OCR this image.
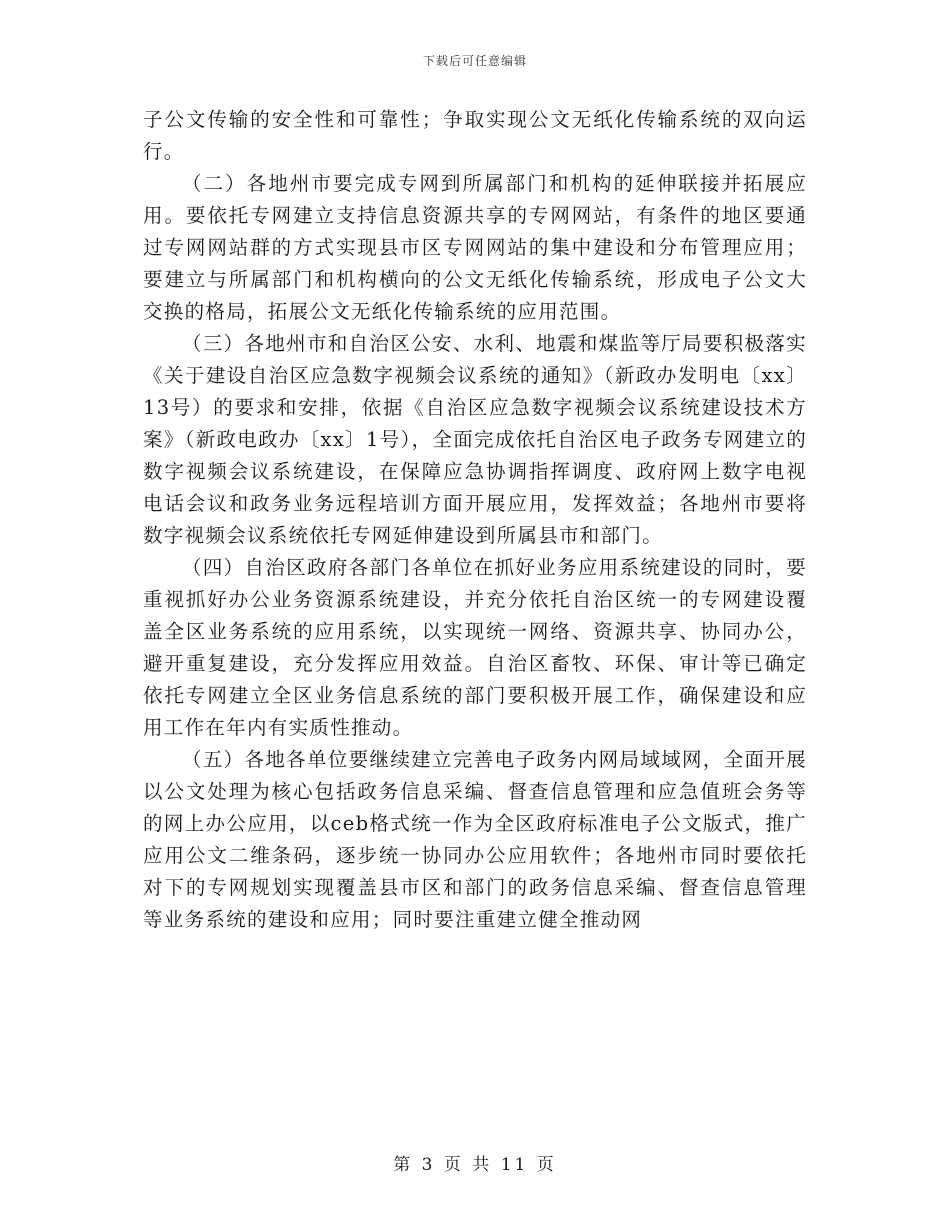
下载后可任意编辑

子公文传输的安全性和可靠性；争取实现公文无纸化传输系统的双向运行。

（二）各地州市要完成专网到所属部门和机构的延伸联接并拓展应用。要依托专网建立支持信息资源共享的专网网站，有条件的地区要通过专网网站群的方式实现县市区专网网站的集中建设和分布管理应用；要建立与所属部门和机构横向的公文无纸化传输系统，形成电子公文大交换的格局，拓展公文无纸化传输系统的应用范围。

（三）各地州市和自治区公安、水利、地震和煤监等厅局要积极落实《关于建设自治区应急数字视频会议系统的通知》（新政办发明电〔xx〕13号）的要求和安排，依据《自治区应急数字视频会议系统建设技术方案》（新政电政办〔xx〕1号），全面完成依托自治区电子政务专网建立的数字视频会议系统建设，在保障应急协调指挥调度、政府网上数字电视电话会议和政务业务远程培训方面开展应用，发挥效益；各地州市要将数字视频会议系统依托专网延伸建设到所属县市和部门。

（四）自治区政府各部门各单位在抓好业务应用系统建设的同时，要重视抓好办公业务资源系统建设，并充分依托自治区统一的专网建设覆盖全区业务系统的应用系统，以实现统一网络、资源共享、协同办公，避开重复建设，充分发挥应用效益。自治区畜牧、环保、审计等已确定依托专网建立全区业务信息系统的部门要积极开展工作，确保建设和应用工作在年内有实质性推动。

（五）各地各单位要继续建立完善电子政务内网局域域网，全面开展以公文处理为核心包括政务信息采编、督查信息管理和应急值班会务等的网上办公应用，以ceb格式统一作为全区政府标准电子公文版式，推广应用公文二维条码，逐步统一协同办公应用软件；各地州市同时要依托对下的专网规划实现覆盖县市区和部门的政务信息采编、督查信息管理等业务系统的建设和应用；同时要注重建立健全推动网

第 3 页 共 11 页
